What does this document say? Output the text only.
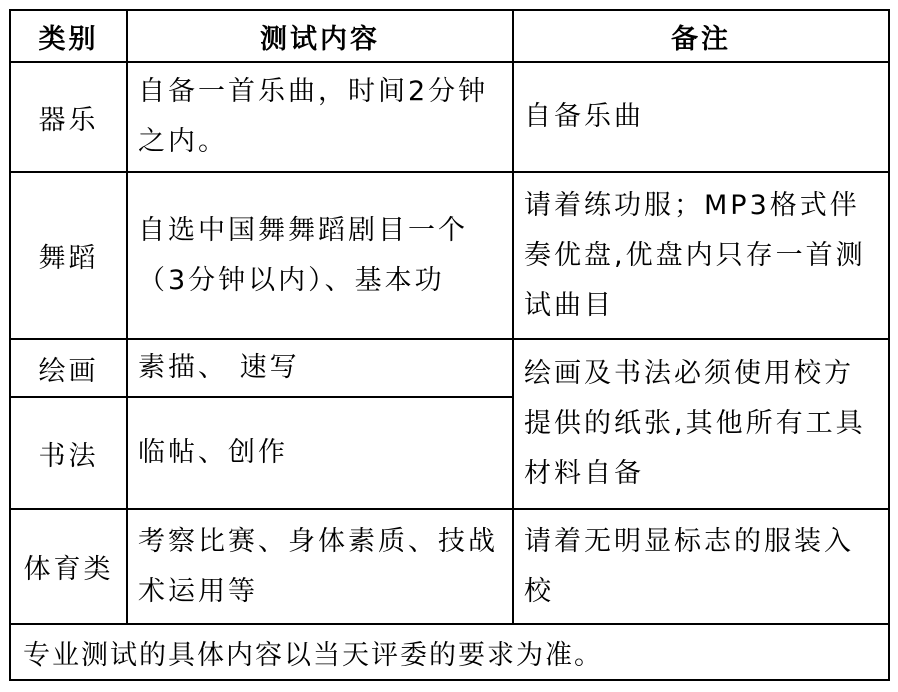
类别	测试内容	备注
器乐	自备一首乐曲，时间2分钟之内。	自备乐曲
舞蹈	自选中国舞舞蹈剧目一个（3分钟以内）、基本功	请着练功服；MP3格式伴奏优盘,优盘内只存一首测试曲目
绘画	素描、 速写	绘画及书法必须使用校方提供的纸张,其他所有工具材料自备
书法	临帖、创作	
体育类	考察比赛、身体素质、技战术运用等	请着无明显标志的服装入校
专业测试的具体内容以当天评委的要求为准。		
